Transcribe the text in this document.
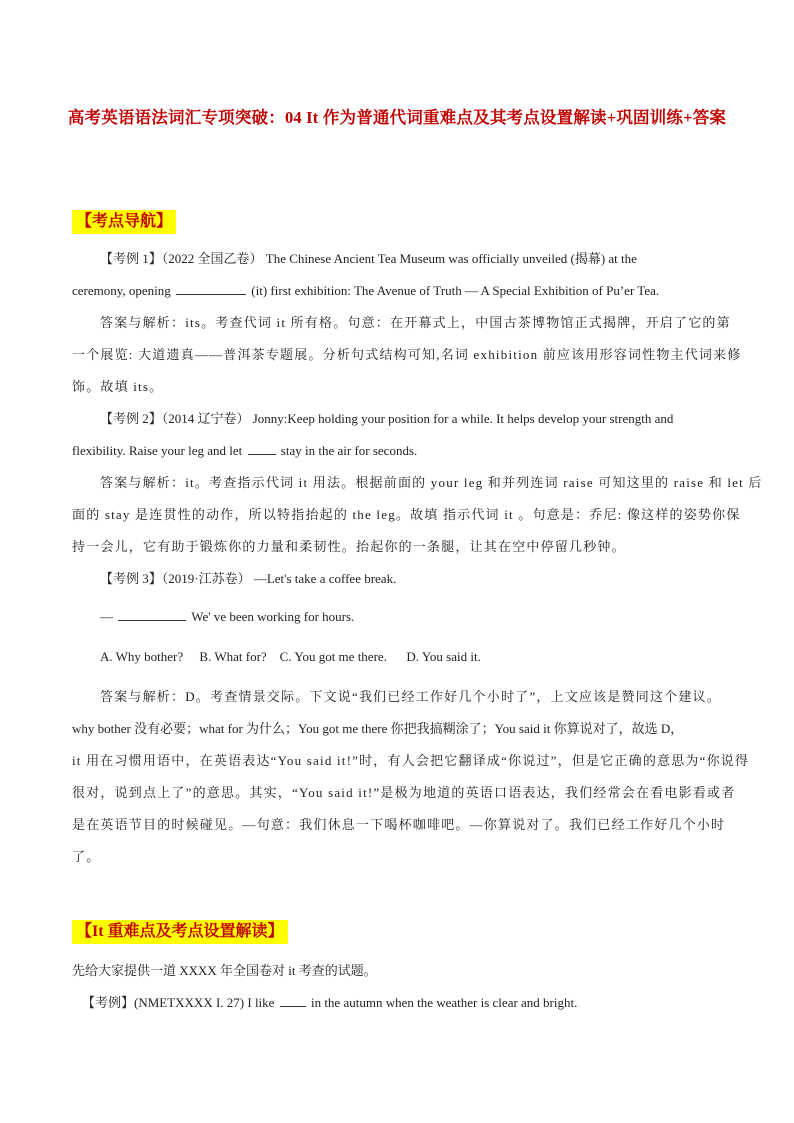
高考英语语法词汇专项突破：04 It 作为普通代词重难点及其考点设置解读+巩固训练+答案
【考点导航】
【考例 1】（2022 全国乙卷） The Chinese Ancient Tea Museum was officially unveiled (揭幕) at the
ceremony, opening	(it) first exhibition: The Avenue of Truth — A Special Exhibition of Pu’er Tea.
答案与解析：its。考查代词 it 所有格。句意：在开幕式上，中国古茶博物馆正式揭牌，开启了它的第
一个展览: 大道遗真——普洱茶专题展。分析句式结构可知,名词 exhibition 前应该用形容词性物主代词来修
饰。故填 its。
【考例 2】（2014 辽宁卷） Jonny:Keep holding your position for a while. It helps develop your strength and
flexibility. Raise your leg and let  stay in the air for seconds.
答案与解析：it。考查指示代词 it 用法。根据前面的 your leg 和并列连词 raise 可知这里的 raise 和 let 后
面的 stay 是连贯性的动作，所以特指抬起的 the leg。故填 指示代词 it 。句意是：乔尼: 像这样的姿势你保
持一会儿，它有助于锻炼你的力量和柔韧性。抬起你的一条腿，让其在空中停留几秒钟。
【考例 3】（2019·江苏卷） —Let's take a coffee break.
—	We' ve been working for hours.
A. Why bother?     B. What for?    C. You got me there.      D. You said it.
答案与解析：D。考查情景交际。下文说“我们已经工作好几个小时了”，上文应该是赞同这个建议。
why bother 没有必要；what for 为什么；You got me there 你把我搞糊涂了；You said it 你算说对了，故选 D，
it 用在习惯用语中，在英语表达“You said it!”时，有人会把它翻译成“你说过”，但是它正确的意思为“你说得
很对，说到点上了”的意思。其实，“You said it!”是极为地道的英语口语表达，我们经常会在看电影看或者
是在英语节目的时候碰见。—句意：我们休息一下喝杯咖啡吧。—你算说对了。我们已经工作好几个小时
了。
【It 重难点及考点设置解读】
先给大家提供一道 XXXX 年全国卷对 it 考查的试题。
【考例】(NMETXXXX I. 27) I like  in the autumn when the weather is clear and bright.
